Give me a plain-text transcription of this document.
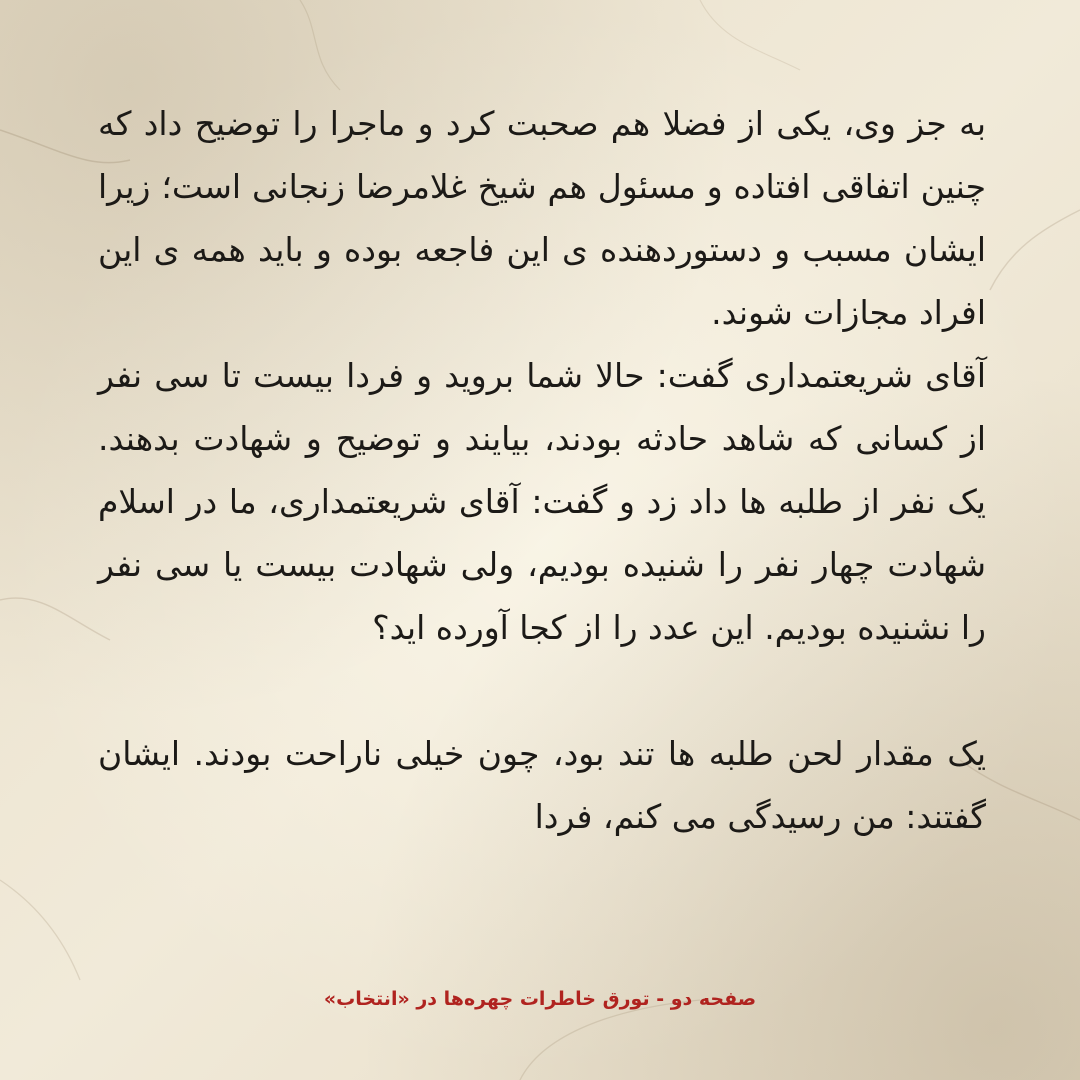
به جز وی، یکی از فضلا هم صحبت کرد و ماجرا را توضیح داد که چنین اتفاقی افتاده و مسئول هم شیخ غلامرضا زنجانی است؛ زیرا ایشان مسبب و دستوردهنده ی این فاجعه بوده و باید همه ی این افراد مجازات شوند.

آقای شریعتمداری گفت: حالا شما بروید و فردا بیست تا سی نفر از کسانی که شاهد حادثه بودند، بیایند و توضیح و شهادت بدهند. یک نفر از طلبه ها داد زد و گفت: آقای شریعتمداری، ما در اسلام شهادت چهار نفر را شنیده بودیم، ولی شهادت بیست یا سی نفر را نشنیده بودیم. این عدد را از کجا آورده اید؟

یک مقدار لحن طلبه ها تند بود، چون خیلی ناراحت بودند. ایشان گفتند: من رسیدگی می کنم، فردا

صفحه دو - تورق خاطرات چهره‌ها در «انتخاب»
